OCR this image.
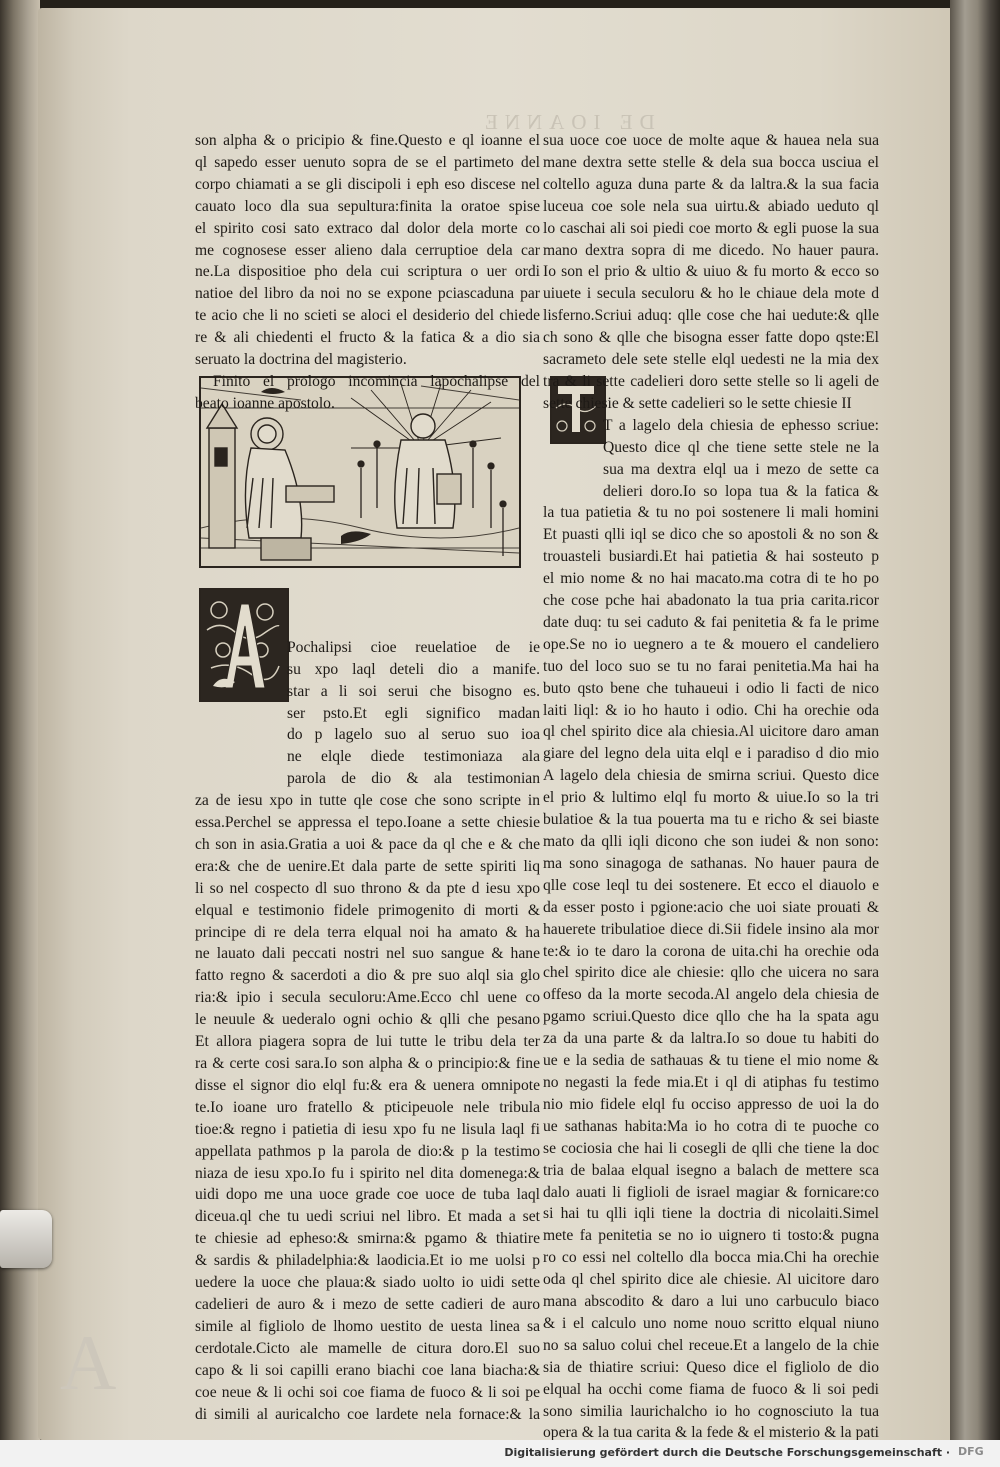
DE IOANNE
A
son alpha & o pricipio & fine.Questo e ql ioanne el
ql sapedo esser uenuto sopra de se el partimeto del
corpo chiamati a se gli discipoli i eph eso discese nel
cauato loco dla sua sepultura:finita la oratoe spise
el spirito cosi sato extraco dal dolor dela morte co
me cognosese esser alieno dala cerruptioe dela car
ne.La dispositioe pho dela cui scriptura o uer ordi
natioe del libro da noi no se expone pciascaduna par
te acio che li no scieti se aloci el desiderio del chiede
re & ali chiedenti el fructo & la fatica & a dio sia
seruato la doctrina del magisterio.
Finito el prologo incomincia lapochalipse del
beato ioanne apostolo.
Pochalipsi cioe reuelatioe de ie
su xpo laql deteli dio a manife.
star a li soi serui che bisogno es.
ser psto.Et egli significo madan
do p lagelo suo al seruo suo ioa
ne elqle diede testimoniaza ala
parola de dio & ala testimonian
za de iesu xpo in tutte qle cose che sono scripte in
essa.Perchel se appressa el tepo.Ioane a sette chiesie
ch son in asia.Gratia a uoi & pace da ql che e & che
era:& che de uenire.Et dala parte de sette spiriti liq
li so nel cospecto dl suo throno & da pte d iesu xpo
elqual e testimonio fidele primogenito di morti &
principe di re dela terra elqual noi ha amato & ha
ne lauato dali peccati nostri nel suo sangue & hane
fatto regno & sacerdoti a dio & pre suo alql sia glo
ria:& ipio i secula seculoru:Ame.Ecco chl uene co
le neuule & uederalo ogni ochio & qlli che pesano
Et allora piagera sopra de lui tutte le tribu dela ter
ra & certe cosi sara.Io son alpha & o principio:& fine
disse el signor dio elql fu:& era & uenera omnipote
te.Io ioane uro fratello & pticipeuole nele tribula
tioe:& regno i patietia di iesu xpo fu ne lisula laql fi
appellata pathmos p la parola de dio:& p la testimo
niaza de iesu xpo.Io fu i spirito nel dita domenega:&
uidi dopo me una uoce grade coe uoce de tuba laql
diceua.ql che tu uedi scriui nel libro. Et mada a set
te chiesie ad epheso:& smirna:& pgamo & thiatire
& sardis & philadelphia:& laodicia.Et io me uolsi p
uedere la uoce che plaua:& siado uolto io uidi sette
cadelieri de auro & i mezo de sette cadieri de auro
simile al figliolo de lhomo uestito de uesta linea sa
cerdotale.Cicto ale mamelle de citura doro.El suo
capo & li soi capilli erano biachi coe lana biacha:&
coe neue & li ochi soi coe fiama de fuoco & li soi pe
di simili al auricalcho coe lardete nela fornace:& la
sua uoce coe uoce de molte aque & hauea nela sua
mane dextra sette stelle & dela sua bocca usciua el
coltello aguza duna parte & da laltra.& la sua facia
luceua coe sole nela sua uirtu.& abiado ueduto ql
lo caschai ali soi piedi coe morto & egli puose la sua
mano dextra sopra di me dicedo. No hauer paura.
Io son el prio & ultio & uiuo & fu morto & ecco so
uiuete i secula seculoru & ho le chiaue dela mote d
lisferno.Scriui aduq: qlle cose che hai uedute:& qlle
ch sono & qlle che bisogna esser fatte dopo qste:El
sacrameto dele sete stelle elql uedesti ne la mia dex
tra & li sette cadelieri doro sette stelle so li ageli de
sette chiesie & sette cadelieri so le sette chiesie II
T a lagelo dela chiesia de ephesso scriue:
Questo dice ql che tiene sette stele ne la
sua ma dextra elql ua i mezo de sette ca
delieri doro.Io so lopa tua & la fatica &
la tua patietia & tu no poi sostenere li mali homini
Et puasti qlli iql se dico che so apostoli & no son &
trouasteli busiardi.Et hai patietia & hai sosteuto p
el mio nome & no hai macato.ma cotra di te ho po
che cose pche hai abadonato la tua pria carita.ricor
date duq: tu sei caduto & fai penitetia & fa le prime
ope.Se no io uegnero a te & mouero el candeliero
tuo del loco suo se tu no farai penitetia.Ma hai ha
buto qsto bene che tuhaueui i odio li facti de nico
laiti liql: & io ho hauto i odio. Chi ha orechie oda
ql chel spirito dice ala chiesia.Al uicitore daro aman
giare del legno dela uita elql e i paradiso d dio mio
A lagelo dela chiesia de smirna scriui. Questo dice
el prio & lultimo elql fu morto & uiue.Io so la tri
bulatioe & la tua pouerta ma tu e richo & sei biaste
mato da qlli iqli dicono che son iudei & non sono:
ma sono sinagoga de sathanas. No hauer paura de
qlle cose leql tu dei sostenere. Et ecco el diauolo e
da esser posto i pgione:acio che uoi siate prouati &
hauerete tribulatioe diece di.Sii fidele insino ala mor
te:& io te daro la corona de uita.chi ha orechie oda
chel spirito dice ale chiesie: qllo che uicera no sara
offeso da la morte secoda.Al angelo dela chiesia de
pgamo scriui.Questo dice qllo che ha la spata agu
za da una parte & da laltra.Io so doue tu habiti do
ue e la sedia de sathauas & tu tiene el mio nome &
no negasti la fede mia.Et i ql di atiphas fu testimo
nio mio fidele elql fu occiso appresso de uoi la do
ue sathanas habita:Ma io ho cotra di te puoche co
se cociosia che hai li cosegli de qlli che tiene la doc
tria de balaa elqual isegno a balach de mettere sca
dalo auati li figlioli de israel magiar & fornicare:co
si hai tu qlli iqli tiene la doctria di nicolaiti.Simel
mete fa penitetia se no io uignero ti tosto:& pugna
ro co essi nel coltello dla bocca mia.Chi ha orechie
oda ql chel spirito dice ale chiesie. Al uicitore daro
mana abscodito & daro a lui uno carbuculo biaco
& i el calculo uno nome nouo scritto elqual niuno
no sa saluo colui chel receue.Et a langelo de la chie
sia de thiatire scriui: Queso dice el figliolo de dio
elqual ha occhi come fiama de fuoco & li soi pedi
sono similia laurichalcho io ho cognosciuto la tua
opera & la tua carita & la fede & el misterio & la pati
Digitalisierung gefördert durch die Deutsche Forschungsgemeinschaft · DFG
